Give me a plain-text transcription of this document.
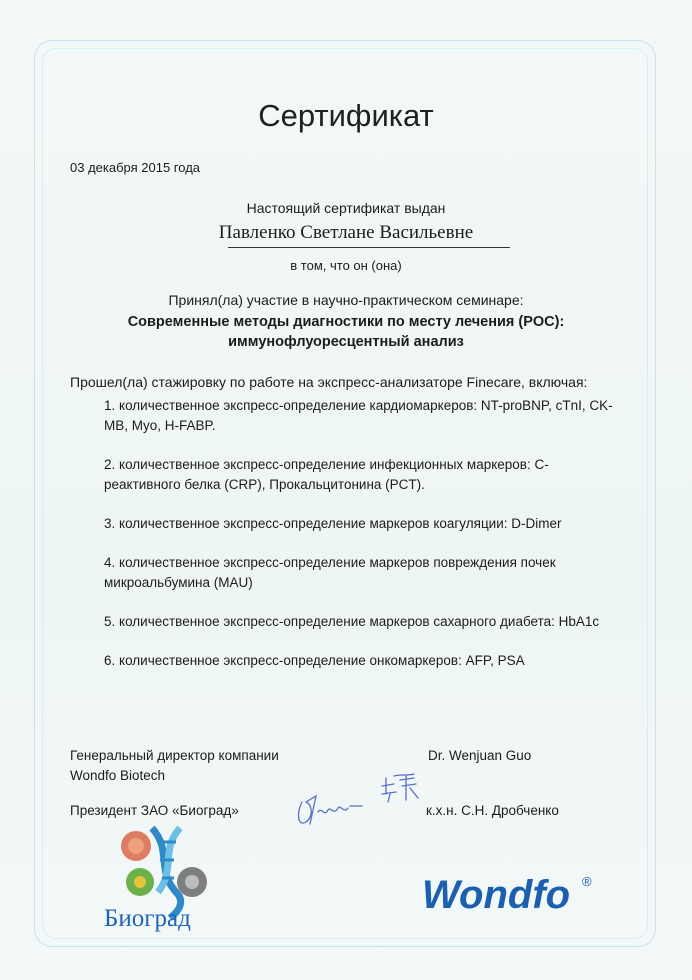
Сертификат
03 декабря 2015 года
Настоящий сертификат выдан
Павленко Светлане Васильевне
в том, что он (она)
Принял(ла) участие в научно-практическом семинаре:
Современные методы диагностики по месту лечения (POC):
иммунофлуоресцентный анализ
Прошел(ла) стажировку по работе на экспресс-анализаторе Finecare, включая:
1. количественное экспресс-определение кардиомаркеров: NT-proBNP, cTnI, CK-MB, Myo, H-FABP.
2. количественное экспресс-определение инфекционных маркеров: С-реактивного белка (CRP), Прокальцитонина (PCT).
3. количественное экспресс-определение маркеров коагуляции: D-Dimer
4. количественное экспресс-определение маркеров повреждения почек микроальбумина (MAU)
5. количественное экспресс-определение маркеров сахарного диабета: HbA1c
6. количественное экспресс-определение онкомаркеров: AFP, PSA
Генеральный директор компании
Wondfo Biotech
Dr. Wenjuan Guo
Президент ЗАО «Биоград»	к.х.н. С.Н. Дробченко
Биоград
Wondfo ®
